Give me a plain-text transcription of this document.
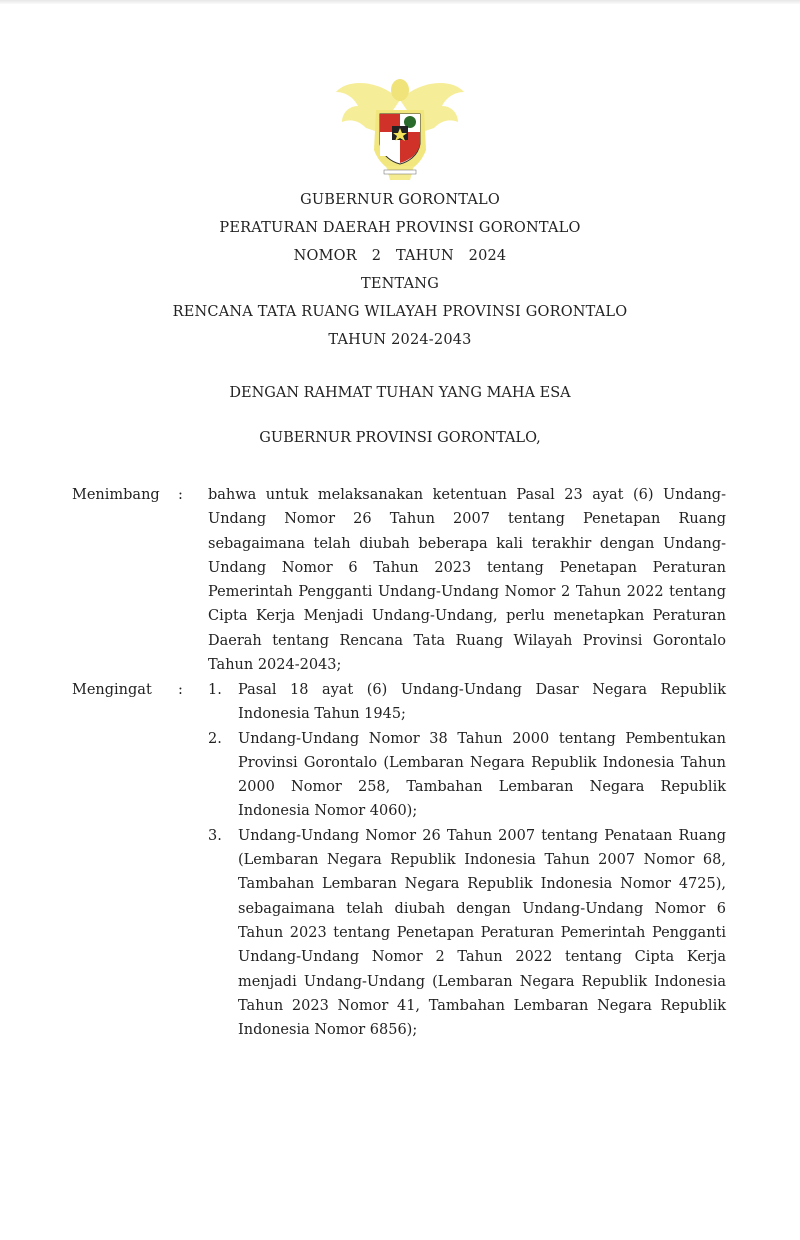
GUBERNUR GORONTALO
PERATURAN DAERAH PROVINSI GORONTALO
NOMOR 2 TAHUN 2024
TENTANG
RENCANA TATA RUANG WILAYAH PROVINSI GORONTALO
TAHUN 2024-2043
DENGAN RAHMAT TUHAN YANG MAHA ESA
GUBERNUR PROVINSI GORONTALO,
Menimbang : bahwa untuk melaksanakan ketentuan Pasal 23 ayat (6) Undang-Undang Nomor 26 Tahun 2007 tentang Penetapan Ruang sebagaimana telah diubah beberapa kali terakhir dengan Undang-Undang Nomor 6 Tahun 2023 tentang Penetapan Peraturan Pemerintah Pengganti Undang-Undang Nomor 2 Tahun 2022 tentang Cipta Kerja Menjadi Undang-Undang, perlu menetapkan Peraturan Daerah tentang Rencana Tata Ruang Wilayah Provinsi Gorontalo Tahun 2024-2043;
Mengingat : 1. Pasal 18 ayat (6) Undang-Undang Dasar Negara Republik Indonesia Tahun 1945;
2. Undang-Undang Nomor 38 Tahun 2000 tentang Pembentukan Provinsi Gorontalo (Lembaran Negara Republik Indonesia Tahun 2000 Nomor 258, Tambahan Lembaran Negara Republik Indonesia Nomor 4060);
3. Undang-Undang Nomor 26 Tahun 2007 tentang Penataan Ruang (Lembaran Negara Republik Indonesia Tahun 2007 Nomor 68, Tambahan Lembaran Negara Republik Indonesia Nomor 4725), sebagaimana telah diubah dengan Undang-Undang Nomor 6 Tahun 2023 tentang Penetapan Peraturan Pemerintah Pengganti Undang-Undang Nomor 2 Tahun 2022 tentang Cipta Kerja menjadi Undang-Undang (Lembaran Negara Republik Indonesia Tahun 2023 Nomor 41, Tambahan Lembaran Negara Republik Indonesia Nomor 6856);
